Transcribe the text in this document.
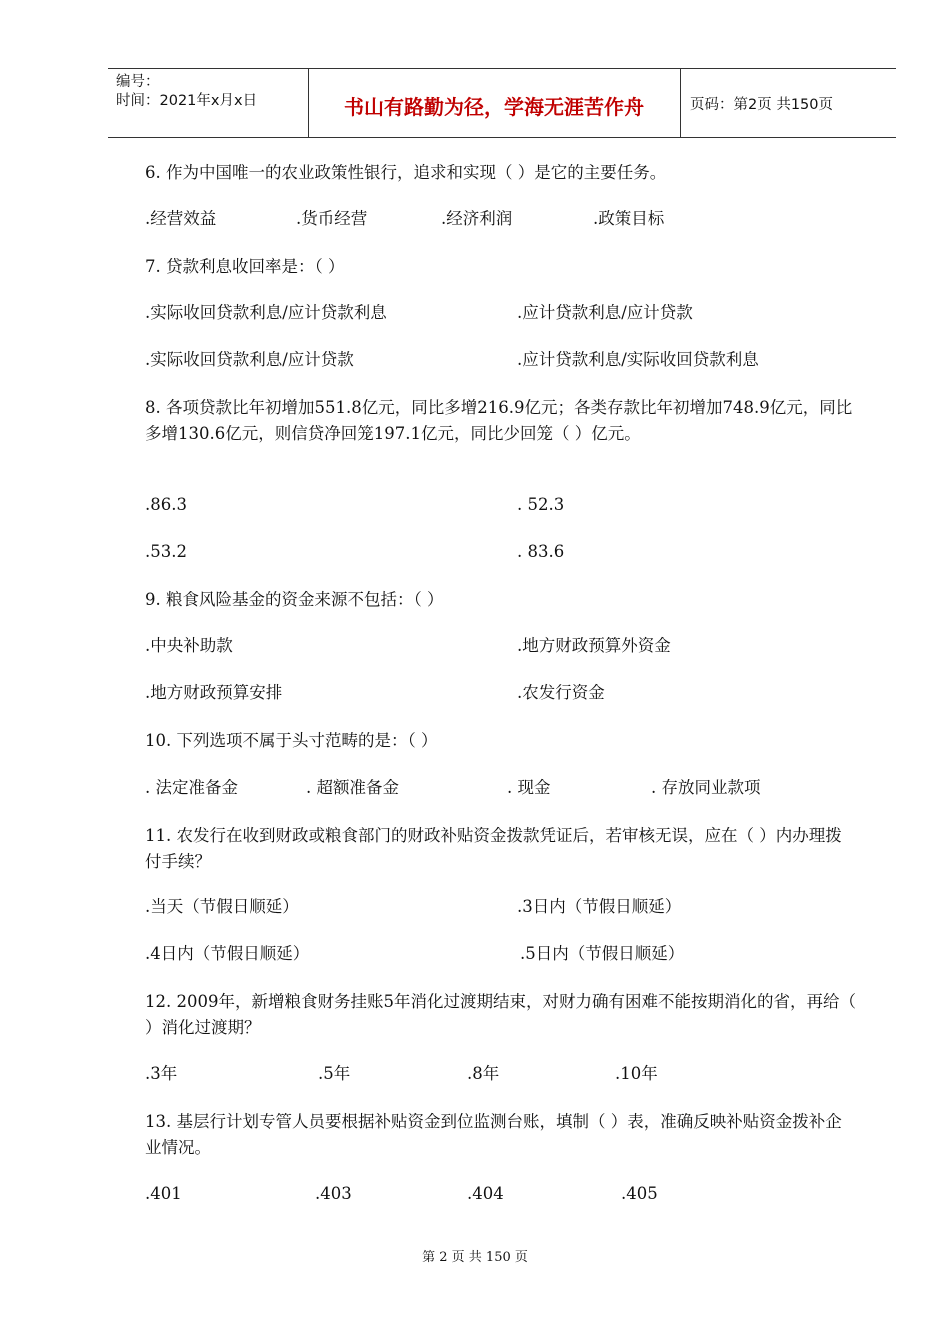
编号：
时间：2021年x月x日	书山有路勤为径，学海无涯苦作舟	页码：第2页 共150页

6. 作为中国唯一的农业政策性银行，追求和实现（ ）是它的主要任务。

.经营效益	.货币经营	.经济利润	.政策目标

7. 贷款利息收回率是：（ ）

.实际收回贷款利息/应计贷款利息	.应计贷款利息/应计贷款
.实际收回贷款利息/应计贷款	.应计贷款利息/实际收回贷款利息

8. 各项贷款比年初增加551.8亿元，同比多增216.9亿元；各类存款比年初增加748.9亿元，同比多增130.6亿元，则信贷净回笼197.1亿元，同比少回笼（ ）亿元。

.86.3	. 52.3
.53.2	. 83.6

9. 粮食风险基金的资金来源不包括：（ ）

.中央补助款	.地方财政预算外资金
.地方财政预算安排	.农发行资金

10. 下列选项不属于头寸范畴的是：（ ）

. 法定准备金	. 超额准备金	. 现金	. 存放同业款项

11. 农发行在收到财政或粮食部门的财政补贴资金拨款凭证后，若审核无误，应在（ ）内办理拨付手续？

.当天（节假日顺延）	.3日内（节假日顺延）
.4日内（节假日顺延）	.5日内（节假日顺延）

12. 2009年，新增粮食财务挂账5年消化过渡期结束，对财力确有困难不能按期消化的省，再给（ ）消化过渡期？

.3年	.5年	.8年	.10年

13. 基层行计划专管人员要根据补贴资金到位监测台账，填制（ ）表，准确反映补贴资金拨补企业情况。

.401	.403	.404	.405
第 2 页 共 150 页
